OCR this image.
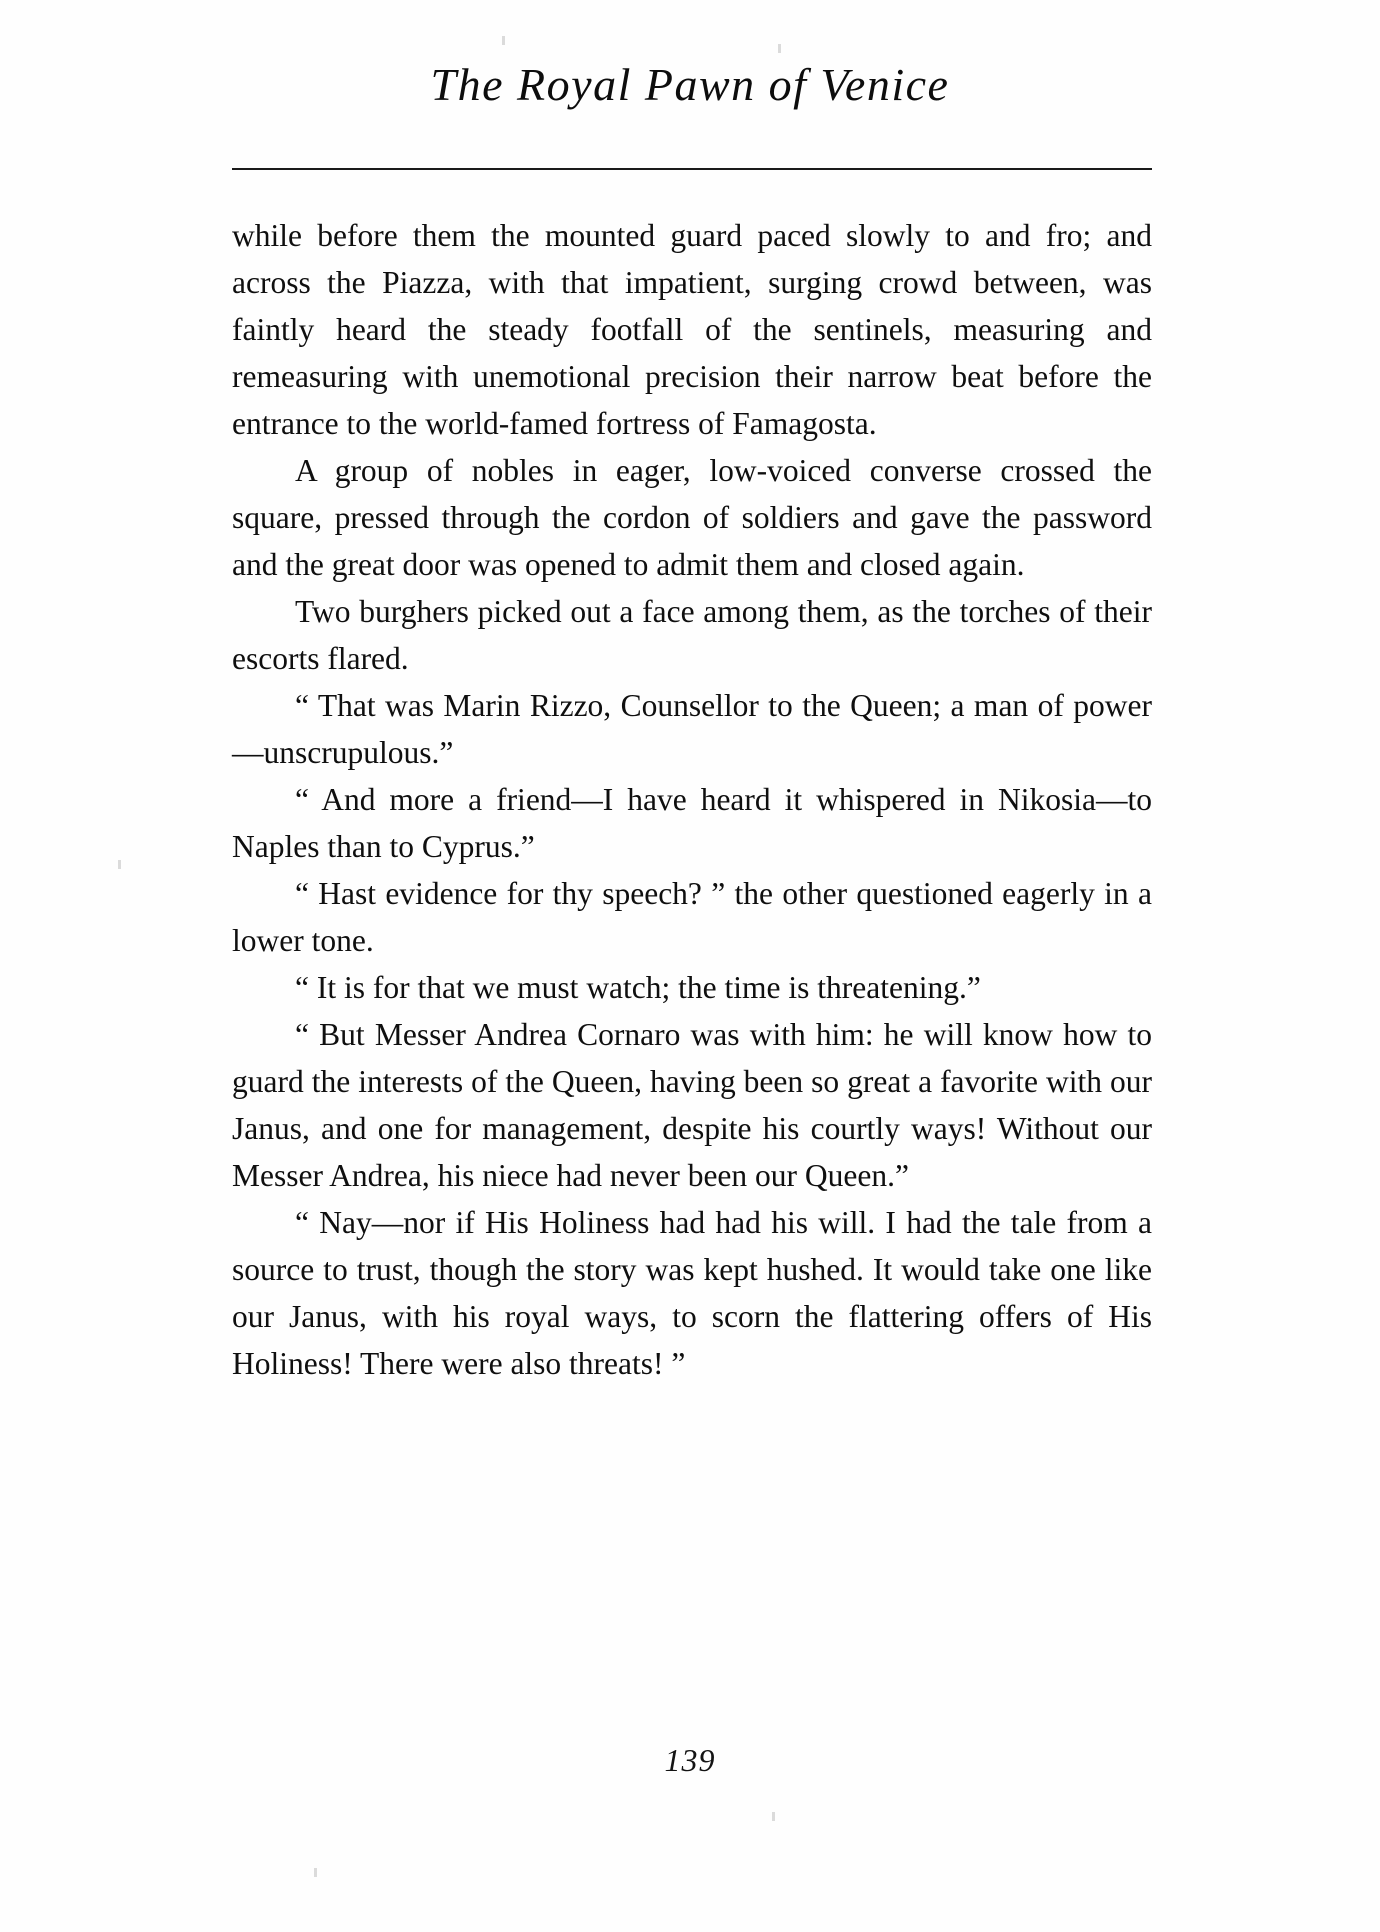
The Royal Pawn of Venice

while before them the mounted guard paced slowly to and fro; and across the Piazza, with that impatient, surging crowd between, was faintly heard the steady footfall of the sentinels, measuring and remeasuring with unemotional precision their narrow beat before the entrance to the world-famed fortress of Famagosta.

A group of nobles in eager, low-voiced converse crossed the square, pressed through the cordon of soldiers and gave the password and the great door was opened to admit them and closed again.

Two burghers picked out a face among them, as the torches of their escorts flared.

“ That was Marin Rizzo, Counsellor to the Queen; a man of power—unscrupulous.”

“ And more a friend—I have heard it whispered in Nikosia—to Naples than to Cyprus.”

“ Hast evidence for thy speech? ” the other questioned eagerly in a lower tone.

“ It is for that we must watch; the time is threatening.”

“ But Messer Andrea Cornaro was with him: he will know how to guard the interests of the Queen, having been so great a favorite with our Janus, and one for management, despite his courtly ways! Without our Messer Andrea, his niece had never been our Queen.”

“ Nay—nor if His Holiness had had his will. I had the tale from a source to trust, though the story was kept hushed. It would take one like our Janus, with his royal ways, to scorn the flattering offers of His Holiness! There were also threats! ”

139
